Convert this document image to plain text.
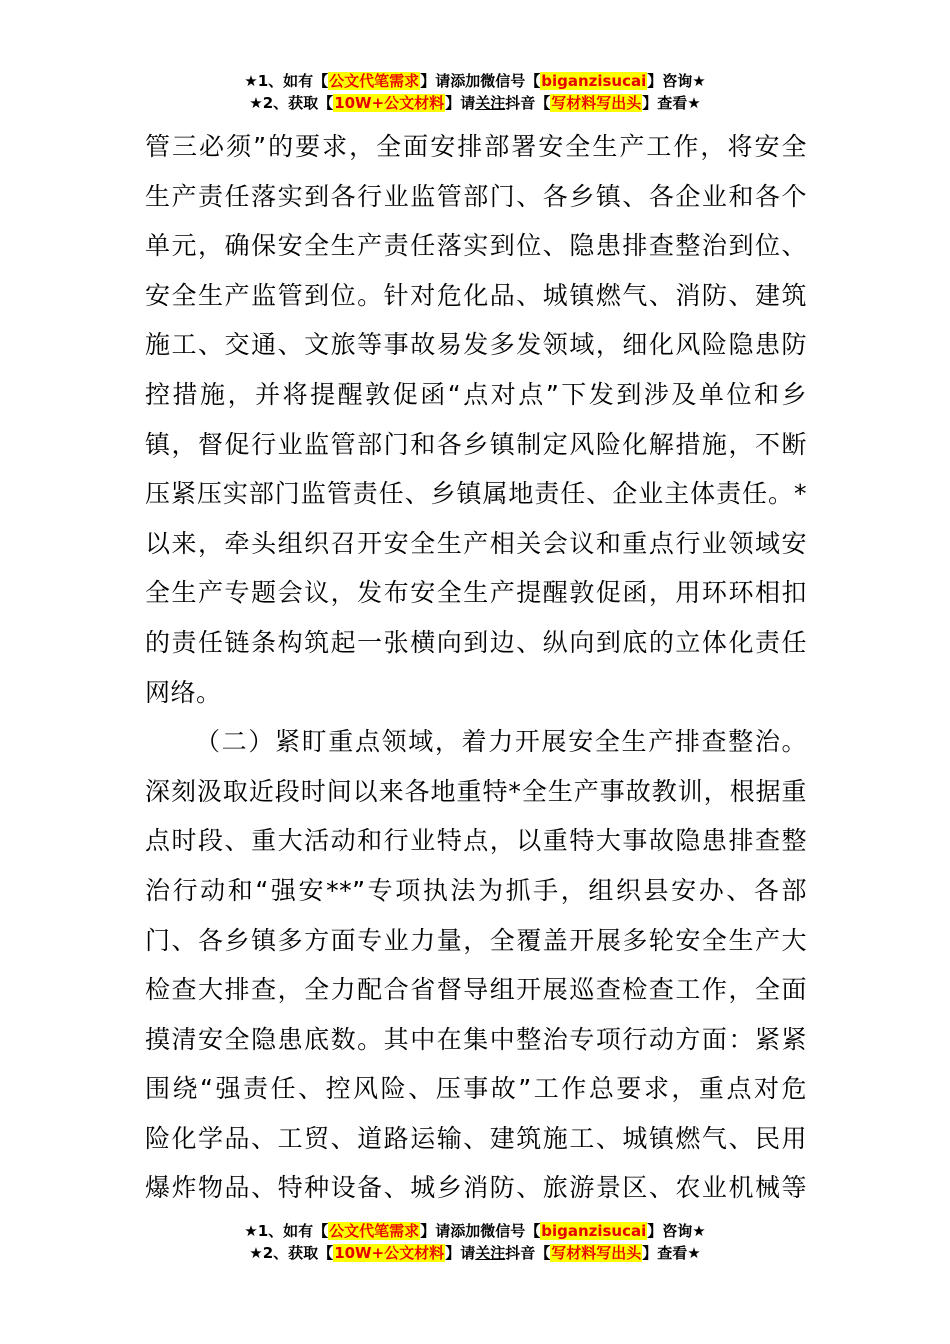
★1、如有【公文代笔需求】请添加微信号【biganzisucai】咨询★
★2、获取【10W+公文材料】请关注抖音【写材料写出头】查看★
管三必须”的要求，全面安排部署安全生产工作，将安全
生产责任落实到各行业监管部门、各乡镇、各企业和各个
单元，确保安全生产责任落实到位、隐患排查整治到位、
安全生产监管到位。针对危化品、城镇燃气、消防、建筑
施工、交通、文旅等事故易发多发领域，细化风险隐患防
控措施，并将提醒敦促函“点对点”下发到涉及单位和乡
镇，督促行业监管部门和各乡镇制定风险化解措施，不断
压紧压实部门监管责任、乡镇属地责任、企业主体责任。*
以来，牵头组织召开安全生产相关会议和重点行业领域安
全生产专题会议，发布安全生产提醒敦促函，用环环相扣
的责任链条构筑起一张横向到边、纵向到底的立体化责任
网络。
（二）紧盯重点领域，着力开展安全生产排查整治。
深刻汲取近段时间以来各地重特*全生产事故教训，根据重
点时段、重大活动和行业特点，以重特大事故隐患排查整
治行动和“强安**”专项执法为抓手，组织县安办、各部
门、各乡镇多方面专业力量，全覆盖开展多轮安全生产大
检查大排查，全力配合省督导组开展巡查检查工作，全面
摸清安全隐患底数。其中在集中整治专项行动方面：紧紧
围绕“强责任、控风险、压事故”工作总要求，重点对危
险化学品、工贸、道路运输、建筑施工、城镇燃气、民用
爆炸物品、特种设备、城乡消防、旅游景区、农业机械等
★1、如有【公文代笔需求】请添加微信号【biganzisucai】咨询★
★2、获取【10W+公文材料】请关注抖音【写材料写出头】查看★
